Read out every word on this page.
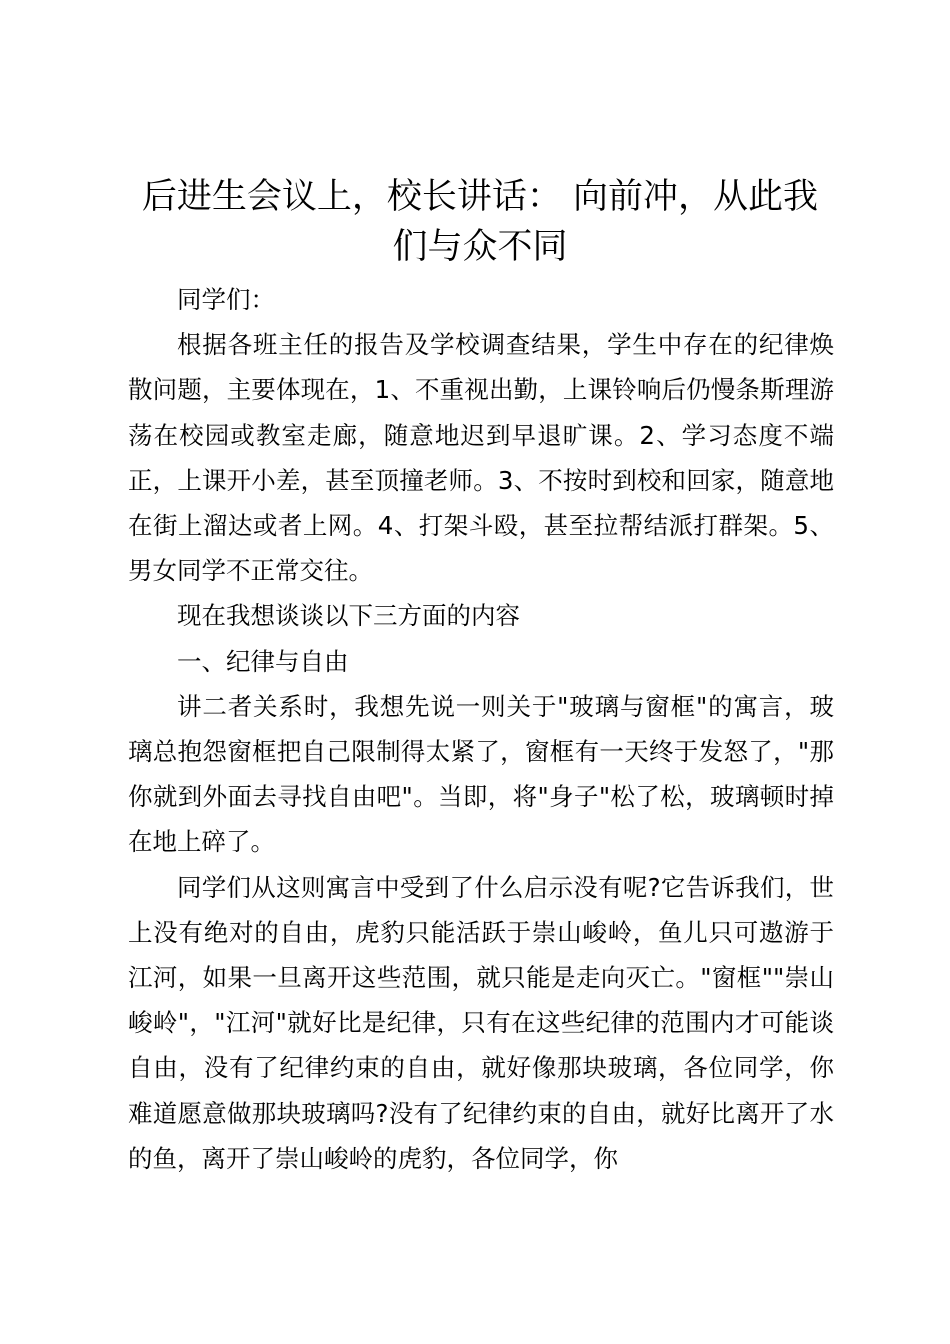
后进生会议上，校长讲话： 向前冲，从此我们与众不同

同学们：

根据各班主任的报告及学校调查结果，学生中存在的纪律焕散问题，主要体现在，1、不重视出勤，上课铃响后仍慢条斯理游荡在校园或教室走廊，随意地迟到早退旷课。2、学习态度不端正，上课开小差，甚至顶撞老师。3、不按时到校和回家，随意地在街上溜达或者上网。4、打架斗殴，甚至拉帮结派打群架。5、男女同学不正常交往。

现在我想谈谈以下三方面的内容

一、纪律与自由

讲二者关系时，我想先说一则关于"玻璃与窗框"的寓言，玻璃总抱怨窗框把自己限制得太紧了，窗框有一天终于发怒了，"那你就到外面去寻找自由吧"。当即，将"身子"松了松，玻璃顿时掉在地上碎了。

同学们从这则寓言中受到了什么启示没有呢?它告诉我们，世上没有绝对的自由，虎豹只能活跃于崇山峻岭，鱼儿只可遨游于江河，如果一旦离开这些范围，就只能是走向灭亡。"窗框""崇山峻岭"，"江河"就好比是纪律，只有在这些纪律的范围内才可能谈自由，没有了纪律约束的自由，就好像那块玻璃，各位同学，你难道愿意做那块玻璃吗?没有了纪律约束的自由，就好比离开了水的鱼，离开了崇山峻岭的虎豹，各位同学，你
